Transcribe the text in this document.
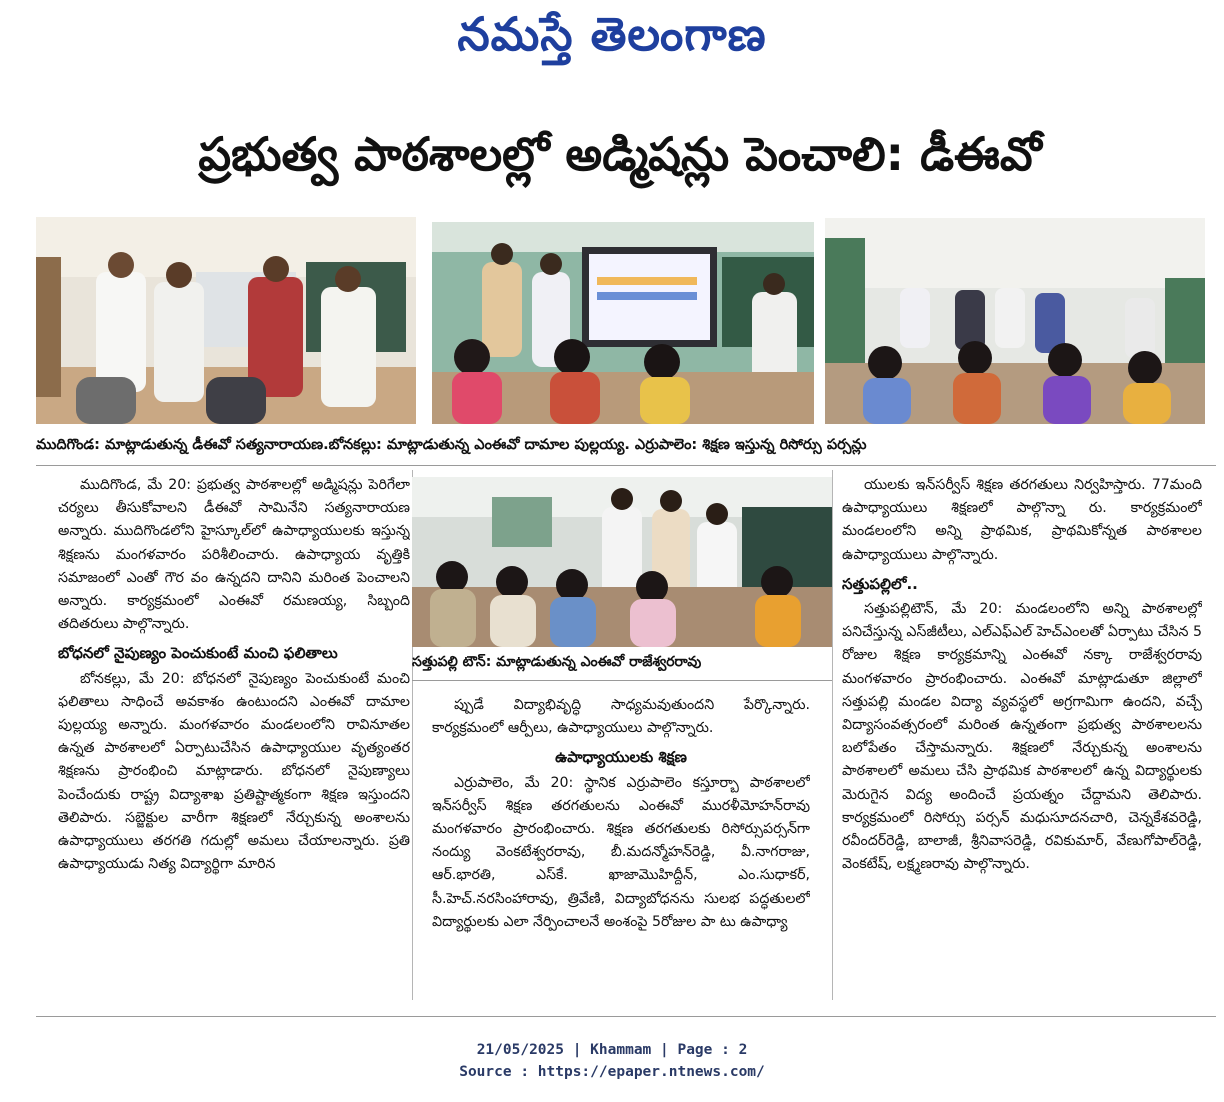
నమస్తే తెలంగాణ
ప్రభుత్వ పాఠశాలల్లో అడ్మిషన్లు పెంచాలి: డీఈవో
ముదిగొండ: మాట్లాడుతున్న డీఈవో సత్యనారాయణ.బోనకల్లు: మాట్లాడుతున్న ఎంఈవో దామాల పుల్లయ్య. ఎర్రుపాలెం: శిక్షణ ఇస్తున్న రిసోర్సు పర్సన్లు

ముదిగొండ, మే 20: ప్రభుత్వ పాఠశాలల్లో అడ్మిషన్లు పెరిగేలా చర్యలు తీసుకోవాలని డీఈవో సామినేని సత్యనారాయణ అన్నారు. ముదిగొండలోని హైస్కూల్‌లో ఉపాధ్యాయులకు ఇస్తున్న శిక్షణను మంగళవారం పరిశీలించారు. ఉపాధ్యాయ వృత్తికి సమాజంలో ఎంతో గౌర వం ఉన్నదని దానిని మరింత పెంచాలని అన్నారు. కార్యక్రమంలో ఎంఈవో రమణయ్య, సిబ్బంది తదితరులు పాల్గొన్నారు.

బోధనలో నైపుణ్యం పెంచుకుంటే మంచి ఫలితాలు

బోనకల్లు, మే 20: బోధనలో నైపుణ్యం పెంచుకుంటే మంచి ఫలితాలు సాధించే అవకాశం ఉంటుందని ఎంఈవో దామాల పుల్లయ్య అన్నారు. మంగళవారం మండలంలోని రావినూతల ఉన్నత పాఠశాలలో ఏర్పాటుచేసిన ఉపాధ్యాయుల వృత్యంతర శిక్షణను ప్రారంభించి మాట్లాడారు. బోధనలో నైపుణ్యాలు పెంచేందుకు రాష్ట్ర విద్యాశాఖ ప్రతిష్టాత్మకంగా శిక్షణ ఇస్తుందని తెలిపారు. సబ్జెక్టుల వారీగా శిక్షణలో నేర్చుకున్న అంశాలను ఉపాధ్యాయులు తరగతి గదుల్లో అమలు చేయాలన్నారు. ప్రతి ఉపాధ్యాయుడు నిత్య విద్యార్థిగా మారిన

సత్తుపల్లి టౌన్: మాట్లాడుతున్న ఎంఈవో రాజేశ్వరరావు

ప్పుడే విద్యాభివృద్ధి సాధ్యమవుతుందని పేర్కొన్నారు. కార్యక్రమంలో ఆర్పీలు, ఉపాధ్యాయులు పాల్గొన్నారు.

ఉపాధ్యాయులకు శిక్షణ

ఎర్రుపాలెం, మే 20: స్థానిక ఎర్రుపాలెం కస్తూర్బా పాఠశాలలో ఇన్‌సర్వీస్ శిక్షణ తరగతులను ఎంఈవో మురళీమోహన్‌రావు మంగళవారం ప్రారంభించారు. శిక్షణ తరగతులకు రిసోర్సుపర్సన్‌గా నంద్యు వెంకటేశ్వరరావు, బీ.మదన్మోహన్‌రెడ్డి, వీ.నాగరాజు, ఆర్.భారతి, ఎస్‌కే. ఖాజామొహిద్దీన్, ఎం.సుధాకర్, సీ.హెచ్.నరసింహారావు, త్రివేణి, విద్యాబోధనను సులభ పద్ధతులలో విద్యార్థులకు ఎలా నేర్పించాలనే అంశంపై 5రోజుల పా టు ఉపాధ్యా

యులకు ఇన్‌సర్వీస్ శిక్షణ తరగతులు నిర్వహిస్తారు. 77మంది ఉపాధ్యాయులు శిక్షణలో పాల్గొన్నా రు. కార్యక్రమంలో మండలంలోని అన్ని ప్రాథమిక, ప్రాథమికోన్నత పాఠశాలల ఉపాధ్యాయులు పాల్గొన్నారు.

సత్తుపల్లిలో..

సత్తుపల్లిటౌన్, మే 20: మండలంలోని అన్ని పాఠశాలల్లో పనిచేస్తున్న ఎస్‌జీటీలు, ఎల్‌ఎఫ్‌ఎల్ హెచ్‌ఎంలతో ఏర్పాటు చేసిన 5 రోజుల శిక్షణ కార్యక్రమాన్ని ఎంఈవో నక్కా రాజేశ్వరరావు మంగళవారం ప్రారంభించారు. ఎంఈవో మాట్లాడుతూ జిల్లాలో సత్తుపల్లి మండల విద్యా వ్యవస్థలో అగ్రగామిగా ఉందని, వచ్చే విద్యాసంవత్సరంలో మరింత ఉన్నతంగా ప్రభుత్వ పాఠశాలలను బలోపేతం చేస్తామన్నారు. శిక్షణలో నేర్చుకున్న అంశాలను పాఠశాలలో అమలు చేసి ప్రాథమిక పాఠశాలలో ఉన్న విద్యార్థులకు మెరుగైన విద్య అందించే ప్రయత్నం చేద్దామని తెలిపారు. కార్యక్రమంలో రిసోర్సు పర్సన్ మధుసూదనచారి, చెన్నకేశవరెడ్డి, రవీందర్‌రెడ్డి, బాలాజీ, శ్రీనివాసరెడ్డి, రవికుమార్, వేణుగోపాల్‌రెడ్డి, వెంకటేష్, లక్ష్మణరావు పాల్గొన్నారు.

21/05/2025 | Khammam | Page : 2
Source : https://epaper.ntnews.com/
